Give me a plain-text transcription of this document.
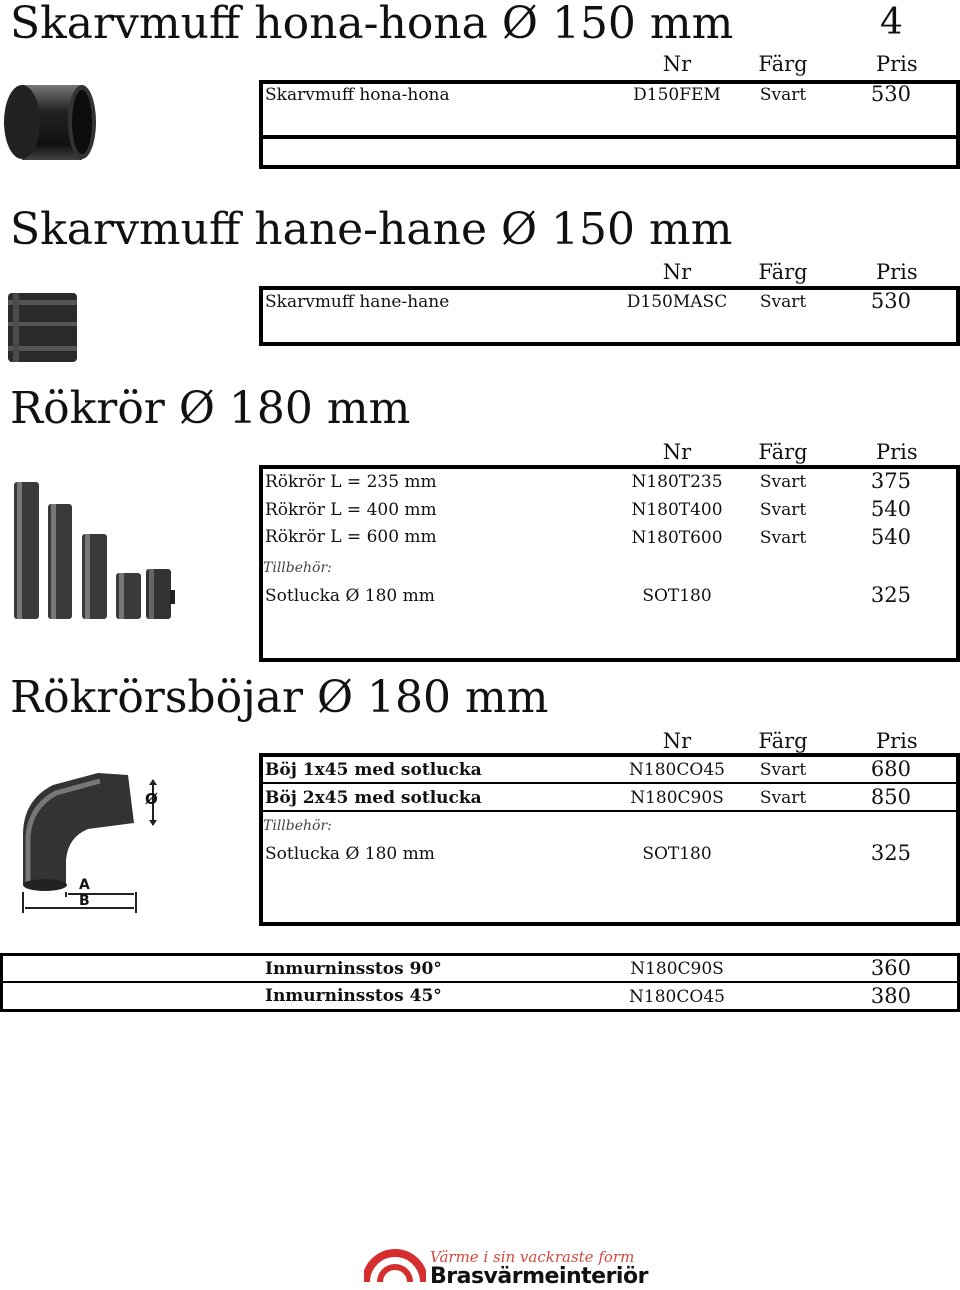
4
Skarvmuff hona-hona Ø 150 mm
Nr	Färg	Pris
Skarvmuff hona-hona	D150FEM	Svart	530
Skarvmuff hane-hane Ø 150 mm
Nr	Färg	Pris
Skarvmuff hane-hane	D150MASC	Svart	530
Rökrör Ø 180 mm
Nr	Färg	Pris
Rökrör L = 235 mm	N180T235	Svart	375
Rökrör L = 400 mm	N180T400	Svart	540
Rökrör L = 600 mm	N180T600	Svart	540
Tillbehör:
Sotlucka Ø 180 mm	SOT180	325
Rökrörsböjar Ø 180 mm
Nr	Färg	Pris
Ø
A
B
Böj 1x45 med sotlucka	N180CO45	Svart	680
Böj 2x45 med sotlucka	N180C90S	Svart	850
Tillbehör:
Sotlucka Ø 180 mm	SOT180	325
Inmurninsstos 90°	N180C90S	360
Inmurninsstos 45°	N180CO45	380
Värme i sin vackraste form
Brasvärmeinteriör
